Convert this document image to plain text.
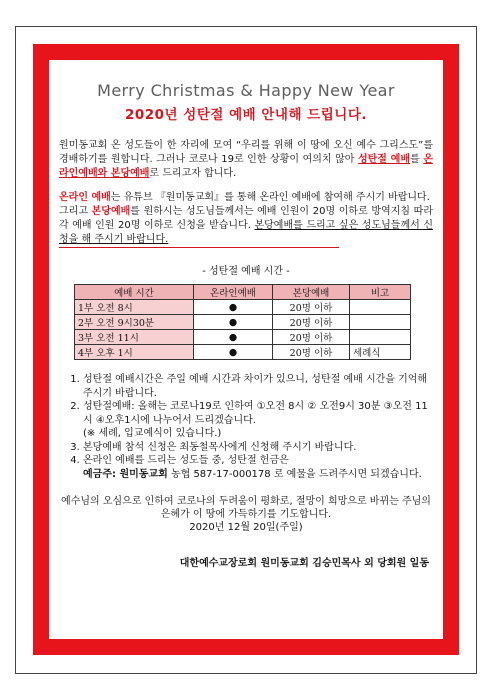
Merry Christmas & Happy New Year
2020년 성탄절 예배 안내해 드립니다.
원미동교회 온 성도들이 한 자리에 모여 “우리를 위해 이 땅에 오신 예수 그리스도”를 경배하기를 원합니다. 그러나 코로나 19로 인한 상황이 여의치 않아 성탄절 예배를 온라인예배와 본당예배로 드리고자 합니다.
온라인 예배는 유튜브 『원미동교회』를 통해 온라인 예배에 참여해 주시기 바랍니다.
그리고 본당예배를 원하시는 성도님들께서는 예배 인원이 20명 이하로 방역지침 따라 각 예배 인원 20명 이하로 신청을 받습니다. 본당예배를 드리고 싶은 성도님들께서 신청을 해 주시기 바랍니다.
- 성탄절 예배 시간 -
예배 시간	온라인예배	본당예배	비고
1부 오전 8시	●	20명 이하	
2부 오전 9시30분	●	20명 이하	
3부 오전 11시	●	20명 이하	
4부 오후 1시	●	20명 이하	세례식
1. 성탄절 예배시간은 주일 예배 시간과 차이가 있으니, 성탄절 예배 시간을 기억해 주시기 바랍니다.
2. 성탄절예배: 올해는 코로나19로 인하여 ①오전 8시 ② 오전9시 30분 ③오전 11시 ④오후1시에 나누어서 드리겠습니다.
(※ 세례, 입교예식이 있습니다.)
3. 본당예배 참석 신청은 최동철목사에게 신청해 주시기 바랍니다.
4. 온라인 예배를 드리는 성도들 중, 성탄절 헌금은
예금주: 원미동교회 농협 587-17-000178 로 예물을 드려주시면 되겠습니다.
예수님의 오심으로 인하여 코로나의 두려움이 평화로, 절망이 희망으로 바뀌는 주님의 은혜가 이 땅에 가득하기를 기도합니다.
2020년 12월 20일(주일)
대한예수교장로회 원미동교회 김승민목사 외 당회원 일동
